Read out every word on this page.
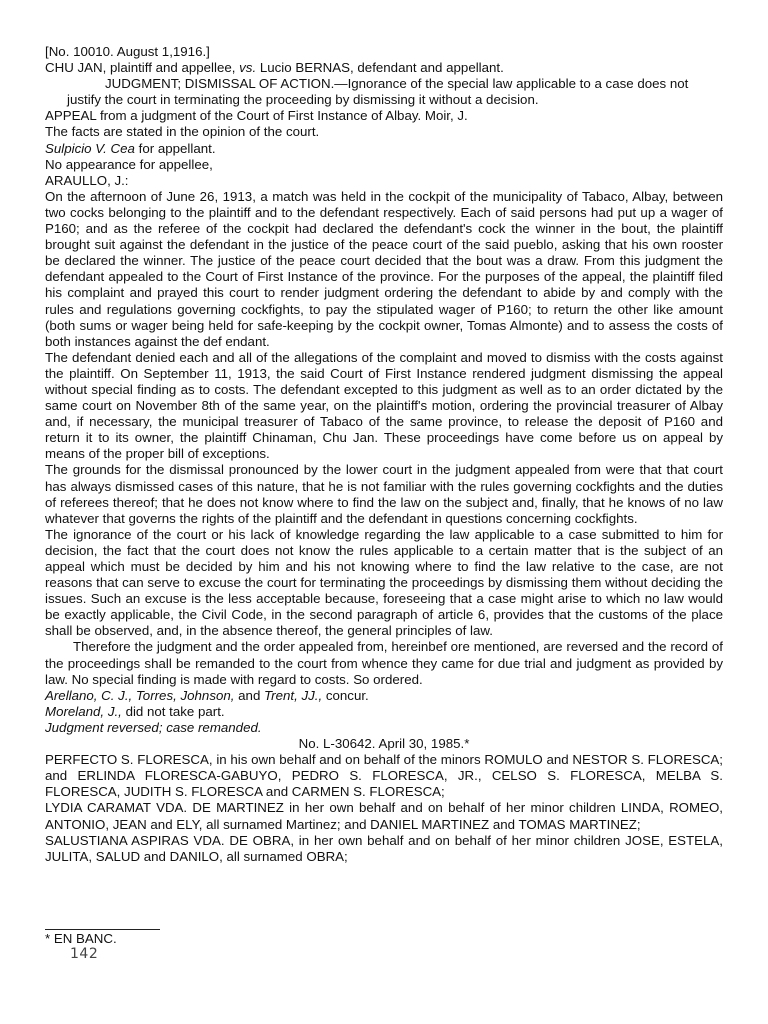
[No. 10010. August 1,1916.]

CHU JAN, plaintiff and appellee, vs. Lucio BERNAS, defendant and appellant.

JUDGMENT; DISMISSAL OF ACTION.—Ignorance of the special law applicable to a case does not

justify the court in terminating the proceeding by dismissing it without a decision.

APPEAL from a judgment of the Court of First Instance of Albay. Moir, J.

The facts are stated in the opinion of the court.

Sulpicio V. Cea for appellant.

No appearance for appellee,

ARAULLO, J.:

On the afternoon of June 26, 1913, a match was held in the cockpit of the municipality of Tabaco, Albay, between two cocks belonging to the plaintiff and to the defendant respectively. Each of said persons had put up a wager of P160; and as the referee of the cockpit had declared the defendant's cock the winner in the bout, the plaintiff brought suit against the defendant in the justice of the peace court of the said pueblo, asking that his own rooster be declared the winner. The justice of the peace court decided that the bout was a draw. From this judgment the defendant appealed to the Court of First Instance of the province. For the purposes of the appeal, the plaintiff filed his complaint and prayed this court to render judgment ordering the defendant to abide by and comply with the rules and regulations governing cockfights, to pay the stipulated wager of P160; to return the other like amount (both sums or wager being held for safe-keeping by the cockpit owner, Tomas Almonte) and to assess the costs of both instances against the def endant.

The defendant denied each and all of the allegations of the complaint and moved to dismiss with the costs against the plaintiff. On September 11, 1913, the said Court of First Instance rendered judgment dismissing the appeal without special finding as to costs. The defendant excepted to this judgment as well as to an order dictated by the same court on November 8th of the same year, on the plaintiff's motion, ordering the provincial treasurer of Albay and, if necessary, the municipal treasurer of Tabaco of the same province, to release the deposit of P160 and return it to its owner, the plaintiff Chinaman, Chu Jan. These proceedings have come before us on appeal by means of the proper bill of exceptions.

The grounds for the dismissal pronounced by the lower court in the judgment appealed from were that that court has always dismissed cases of this nature, that he is not familiar with the rules governing cockfights and the duties of referees thereof; that he does not know where to find the law on the subject and, finally, that he knows of no law whatever that governs the rights of the plaintiff and the defendant in questions concerning cockfights.

The ignorance of the court or his lack of knowledge regarding the law applicable to a case submitted to him for decision, the fact that the court does not know the rules applicable to a certain matter that is the subject of an appeal which must be decided by him and his not knowing where to find the law relative to the case, are not reasons that can serve to excuse the court for terminating the proceedings by dismissing them without deciding the issues. Such an excuse is the less acceptable because, foreseeing that a case might arise to which no law would be exactly applicable, the Civil Code, in the second paragraph of article 6, provides that the customs of the place shall be observed, and, in the absence thereof, the general principles of law.

Therefore the judgment and the order appealed from, hereinbef ore mentioned, are reversed and the record of the proceedings shall be remanded to the court from whence they came for due trial and judgment as provided by law. No special finding is made with regard to costs. So ordered.

Arellano, C. J., Torres, Johnson, and Trent, JJ., concur.

Moreland, J., did not take part.

Judgment reversed; case remanded.

No. L-30642. April 30, 1985.*

PERFECTO S. FLORESCA, in his own behalf and on behalf of the minors ROMULO and NESTOR S. FLORESCA; and ERLINDA FLORESCA-GABUYO, PEDRO S. FLORESCA, JR., CELSO S. FLORESCA, MELBA S. FLORESCA, JUDITH S. FLORESCA and CARMEN S. FLORESCA;

LYDIA CARAMAT VDA. DE MARTINEZ in her own behalf and on behalf of her minor children LINDA, ROMEO, ANTONIO, JEAN and ELY, all surnamed Martinez; and DANIEL MARTINEZ and TOMAS MARTINEZ;

SALUSTIANA ASPIRAS VDA. DE OBRA, in her own behalf and on behalf of her minor children JOSE, ESTELA, JULITA, SALUD and DANILO, all surnamed OBRA;

* EN BANC.
142
